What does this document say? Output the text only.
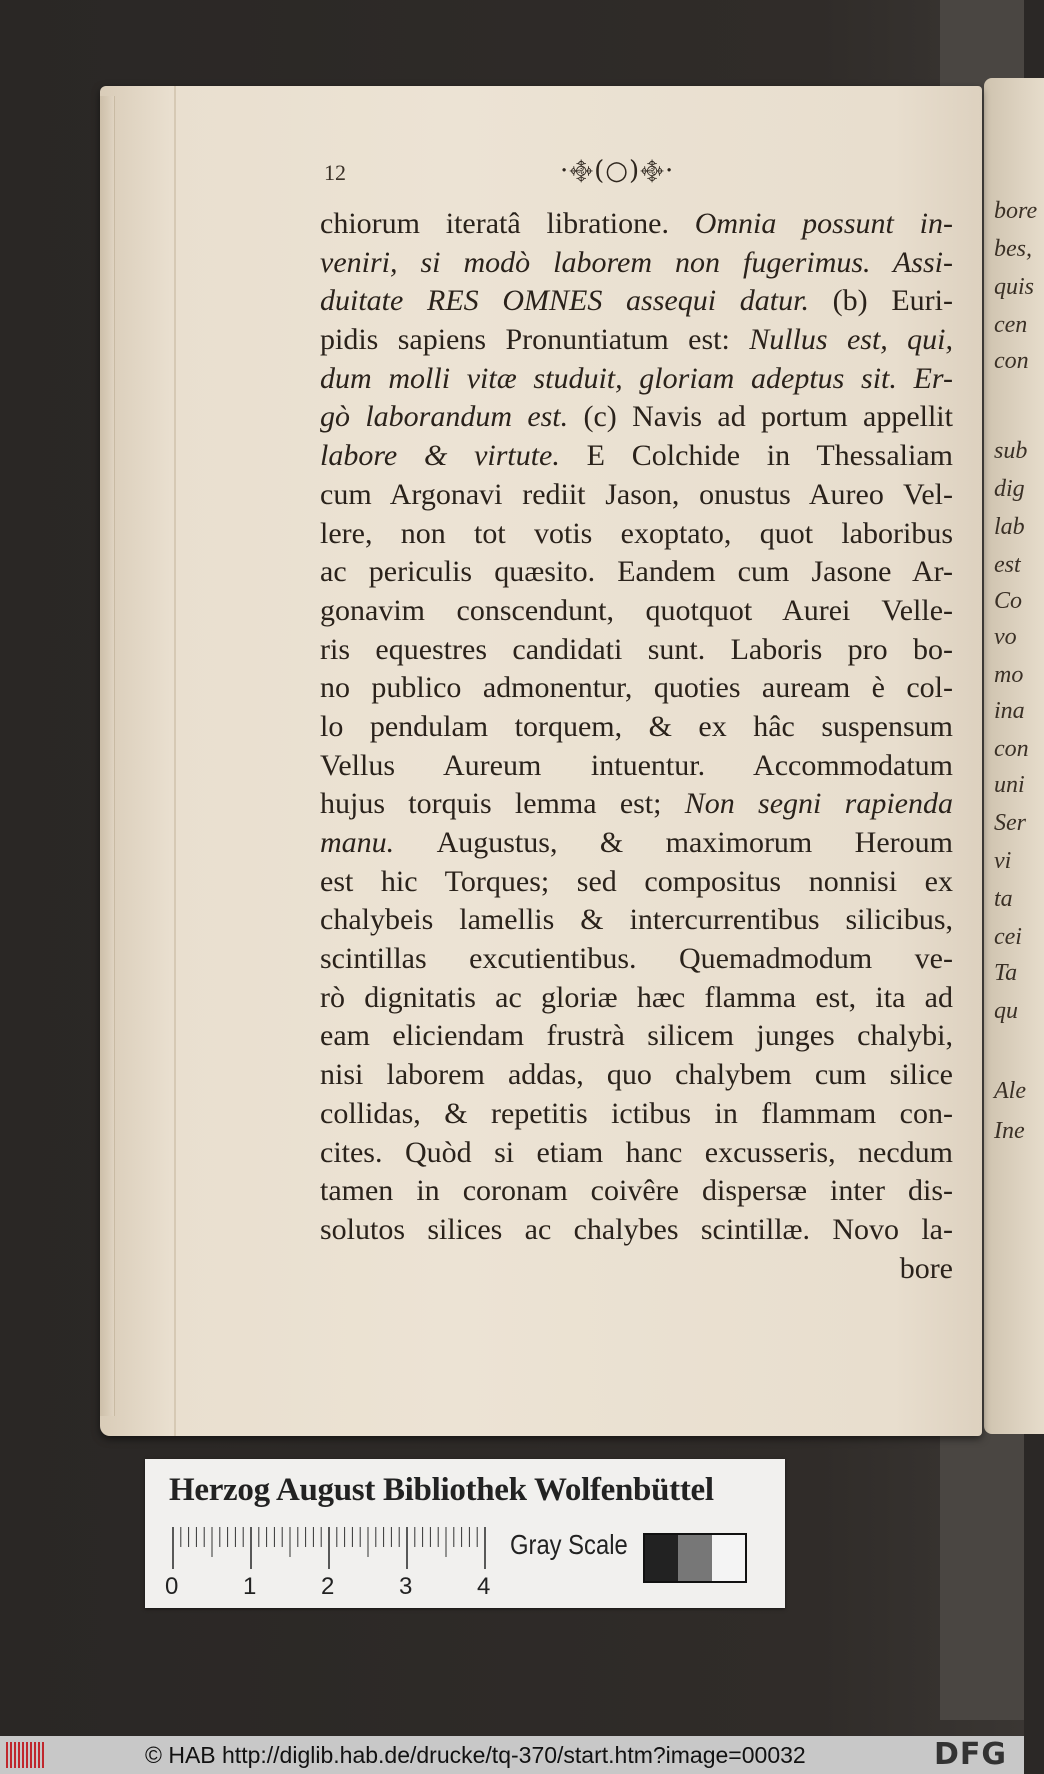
bore
bes,
quis
cen
con
sub
dig
lab
est
Co
vo
mo
ina
con
uni
Ser
vi
ta
cei
Ta
qu
Ale
Ine
12	·࿇(○)࿇·
chiorum iteratâ libratione. Omnia possunt in-
veniri, si modò laborem non fugerimus. Assi-
duitate RES OMNES assequi datur. (b) Euri-
pidis sapiens Pronuntiatum est: Nullus est, qui,
dum molli vitæ studuit, gloriam adeptus sit. Er-
gò laborandum est. (c) Navis ad portum appellit
labore & virtute. E Colchide in Thessaliam
cum Argonavi rediit Jason, onustus Aureo Vel-
lere, non tot votis exoptato, quot laboribus
ac periculis quæsito. Eandem cum Jasone Ar-
gonavim conscendunt, quotquot Aurei Velle-
ris equestres candidati sunt. Laboris pro bo-
no publico admonentur, quoties auream è col-
lo pendulam torquem, & ex hâc suspensum
Vellus Aureum intuentur. Accommodatum
hujus torquis lemma est; Non segni rapienda
manu. Augustus, & maximorum Heroum
est hic Torques; sed compositus nonnisi ex
chalybeis lamellis & intercurrentibus silicibus,
scintillas excutientibus. Quemadmodum ve-
rò dignitatis ac gloriæ hæc flamma est, ita ad
eam eliciendam frustrà silicem junges chalybi,
nisi laborem addas, quo chalybem cum silice
collidas, & repetitis ictibus in flammam con-
cites. Quòd si etiam hanc excusseris, necdum
tamen in coronam coivêre dispersæ inter dis-
solutos silices ac chalybes scintillæ. Novo la-
bore
Herzog August Bibliothek Wolfenbüttel
Gray Scale
0	1	2	3	4
© HAB http://diglib.hab.de/drucke/tq-370/start.htm?image=00032	DFG
